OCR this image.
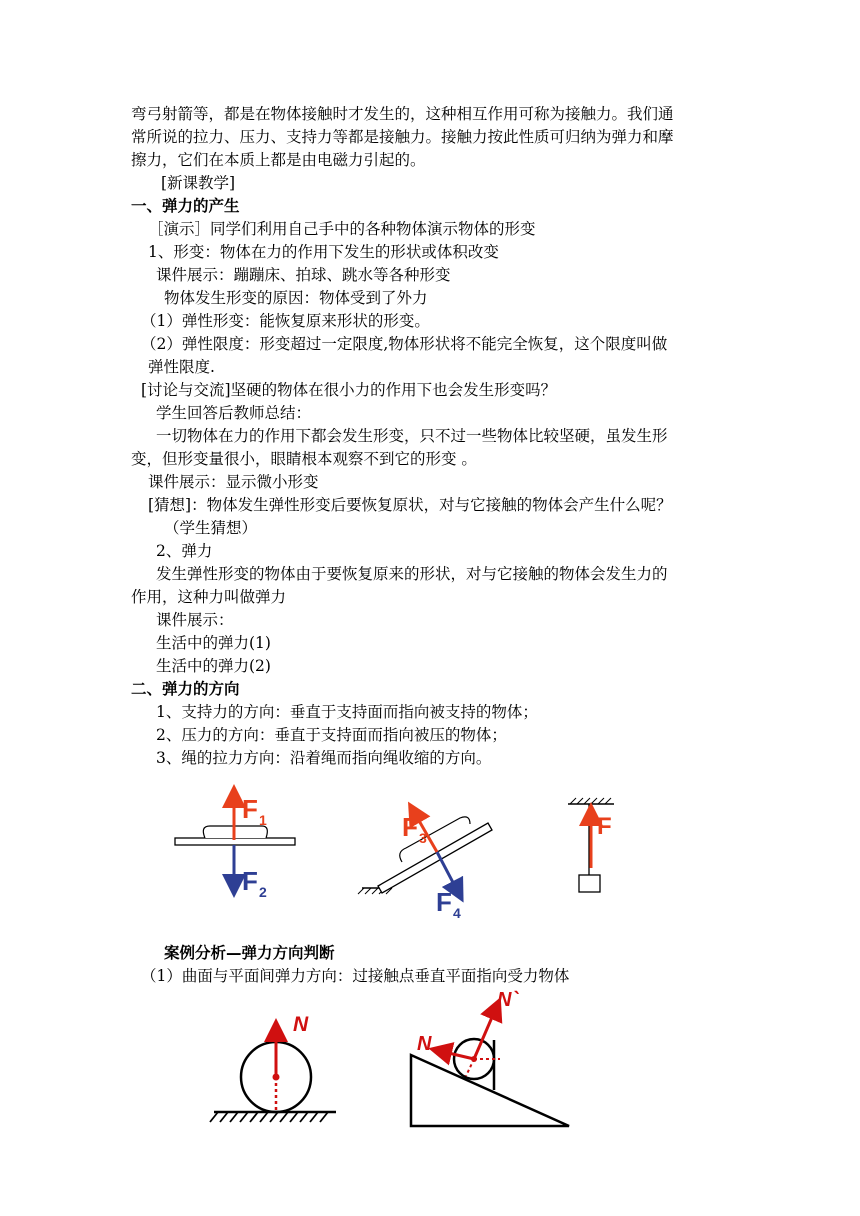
弯弓射箭等，都是在物体接触时才发生的，这种相互作用可称为接触力。我们通
常所说的拉力、压力、支持力等都是接触力。接触力按此性质可归纳为弹力和摩
擦力，它们在本质上都是由电磁力引起的。
[新课教学]
一、弹力的产生
［演示］同学们利用自己手中的各种物体演示物体的形变
1、形变：物体在力的作用下发生的形状或体积改变
课件展示：蹦蹦床、拍球、跳水等各种形变
物体发生形变的原因：物体受到了外力
（1）弹性形变：能恢复原来形状的形变。
（2）弹性限度：形变超过一定限度,物体形状将不能完全恢复，这个限度叫做
弹性限度.
[讨论与交流]坚硬的物体在很小力的作用下也会发生形变吗？
学生回答后教师总结：
一切物体在力的作用下都会发生形变，只不过一些物体比较坚硬，虽发生形
变，但形变量很小，眼睛根本观察不到它的形变 。
课件展示：显示微小形变
[猜想]：物体发生弹性形变后要恢复原状，对与它接触的物体会产生什么呢？
（学生猜想）
2、弹力
发生弹性形变的物体由于要恢复原来的形状，对与它接触的物体会发生力的
作用，这种力叫做弹力
课件展示：
生活中的弹力(1)
生活中的弹力(2)
二、弹力的方向
1、支持力的方向：垂直于支持面而指向被支持的物体；
2、压力的方向：垂直于支持面而指向被压的物体；
3、绳的拉力方向：沿着绳而指向绳收缩的方向。
案例分析—弹力方向判断
（1）曲面与平面间弹力方向：过接触点垂直平面指向受力物体
F 1
F 2
F 3
F 4
F
N
N
N`
